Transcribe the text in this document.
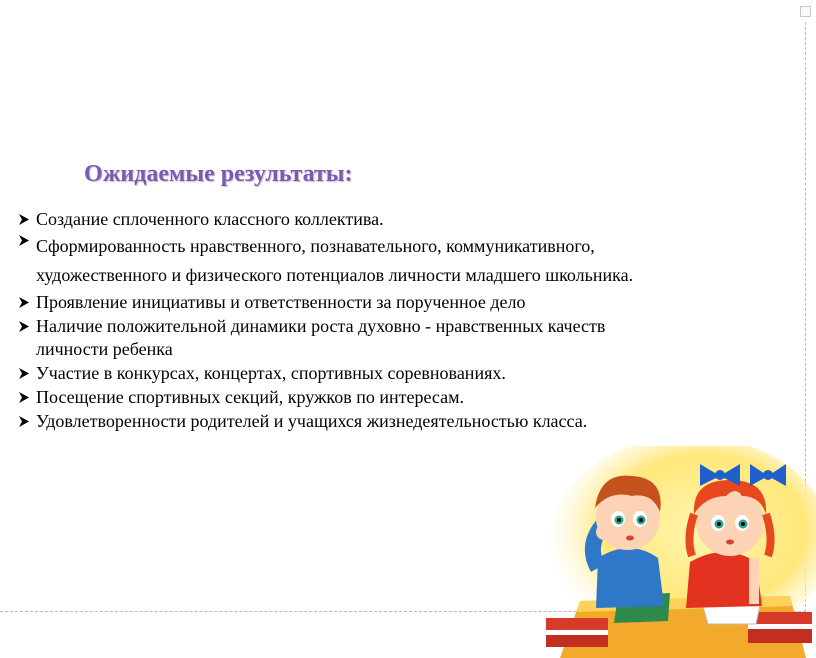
Ожидаемые результаты:
Создание сплоченного классного коллектива.
Сформированность нравственного, познавательного, коммуникативного,
художественного и физического потенциалов личности младшего школьника.
Проявление инициативы и ответственности за порученное дело
Наличие положительной динамики роста духовно - нравственных качеств
личности ребенка
Участие в конкурсах, концертах, спортивных соревнованиях.
Посещение спортивных секций, кружков по интересам.
Удовлетворенности родителей и учащихся жизнедеятельностью класса.
